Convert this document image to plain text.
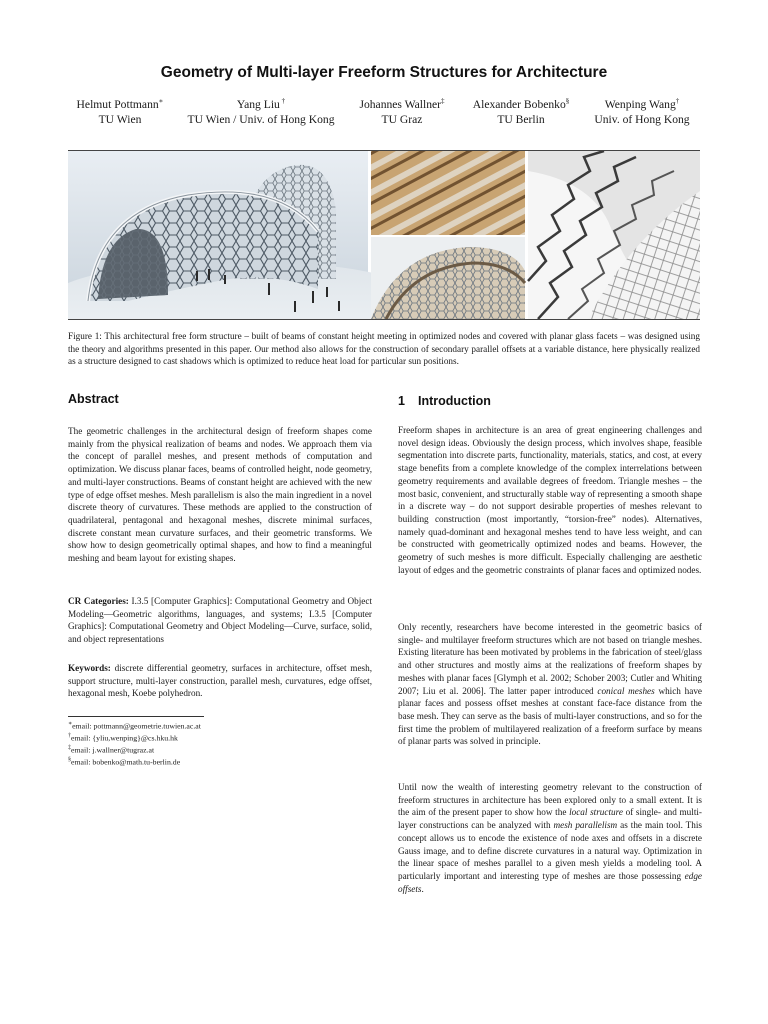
Geometry of Multi-layer Freeform Structures for Architecture
Helmut Pottmann∗
TU Wien
Yang Liu †
TU Wien / Univ. of Hong Kong
Johannes Wallner‡
TU Graz
Alexander Bobenko§
TU Berlin
Wenping Wang†
Univ. of Hong Kong
Figure 1: This architectural free form structure – built of beams of constant height meeting in optimized nodes and covered with planar glass facets – was designed using the theory and algorithms presented in this paper. Our method also allows for the construction of secondary parallel offsets at a variable distance, here physically realized as a structure designed to cast shadows which is optimized to reduce heat load for particular sun positions.
Abstract
The geometric challenges in the architectural design of freeform shapes come mainly from the physical realization of beams and nodes. We approach them via the concept of parallel meshes, and present methods of computation and optimization. We discuss planar faces, beams of controlled height, node geometry, and multi-layer constructions. Beams of constant height are achieved with the new type of edge offset meshes. Mesh parallelism is also the main ingredient in a novel discrete theory of curvatures. These methods are applied to the construction of quadrilateral, pentagonal and hexagonal meshes, discrete minimal surfaces, discrete constant mean curvature surfaces, and their geometric transforms. We show how to design geometrically optimal shapes, and how to find a meaningful meshing and beam layout for existing shapes.
CR Categories: I.3.5 [Computer Graphics]: Computational Geometry and Object Modeling—Geometric algorithms, languages, and systems; I.3.5 [Computer Graphics]: Computational Geometry and Object Modeling—Curve, surface, solid, and object representations
Keywords: discrete differential geometry, surfaces in architecture, offset mesh, support structure, multi-layer construction, parallel mesh, curvatures, edge offset, hexagonal mesh, Koebe polyhedron.
∗email: pottmann@geometrie.tuwien.ac.at
†email: {yliu,wenping}@cs.hku.hk
‡email: j.wallner@tugraz.at
§email: bobenko@math.tu-berlin.de
1 Introduction
Freeform shapes in architecture is an area of great engineering challenges and novel design ideas. Obviously the design process, which involves shape, feasible segmentation into discrete parts, functionality, materials, statics, and cost, at every stage benefits from a complete knowledge of the complex interrelations between geometry requirements and available degrees of freedom. Triangle meshes – the most basic, convenient, and structurally stable way of representing a smooth shape in a discrete way – do not support desirable properties of meshes relevant to building construction (most importantly, “torsion-free” nodes). Alternatives, namely quad-dominant and hexagonal meshes tend to have less weight, and can be constructed with geometrically optimized nodes and beams. However, the geometry of such meshes is more difficult. Especially challenging are aesthetic layout of edges and the geometric constraints of planar faces and optimized nodes.
Only recently, researchers have become interested in the geometric basics of single- and multilayer freeform structures which are not based on triangle meshes. Existing literature has been motivated by problems in the fabrication of steel/glass and other structures and mostly aims at the realizations of freeform shapes by meshes with planar faces [Glymph et al. 2002; Schober 2003; Cutler and Whiting 2007; Liu et al. 2006]. The latter paper introduced conical meshes which have planar faces and possess offset meshes at constant face-face distance from the base mesh. They can serve as the basis of multi-layer constructions, and so for the first time the problem of multilayered realization of a freeform surface by means of planar parts was solved in principle.
Until now the wealth of interesting geometry relevant to the construction of freeform structures in architecture has been explored only to a small extent. It is the aim of the present paper to show how the local structure of single- and multi-layer constructions can be analyzed with mesh parallelism as the main tool. This concept allows us to encode the existence of node axes and offsets in a discrete Gauss image, and to define discrete curvatures in a natural way. Optimization in the linear space of meshes parallel to a given mesh yields a modeling tool. A particularly important and interesting type of meshes are those possessing edge offsets.
